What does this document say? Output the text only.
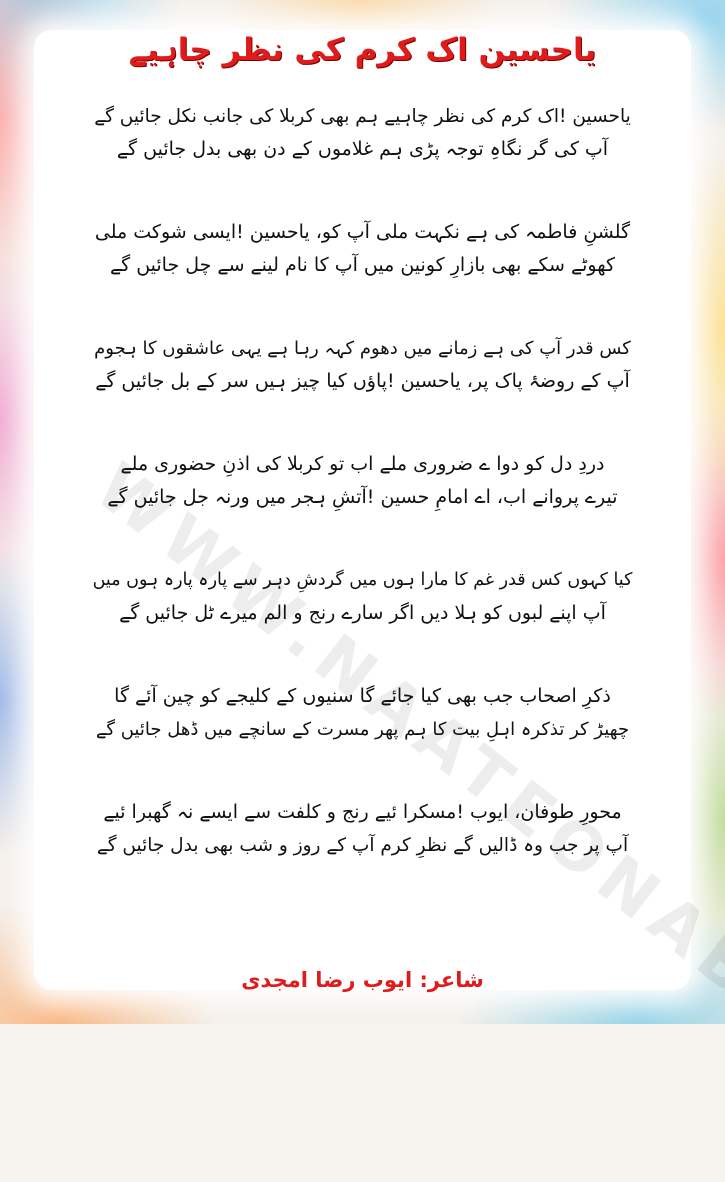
یاحسین اک کرم کی نظر چاہیے
یاحسین !اک کرم کی نظر چاہیے ہم بھی کربلا کی جانب نکل جائیں گے
آپ کی گر نگاہِ توجہ پڑی ہم غلاموں کے دن بھی بدل جائیں گے
گلشنِ فاطمہ کی ہے نکہت ملی آپ کو، یاحسین !ایسی شوکت ملی
کھوٹے سکے بھی بازارِ کونین میں آپ کا نام لینے سے چل جائیں گے
کس قدر آپ کی ہے زمانے میں دھوم کہہ رہا ہے یہی عاشقوں کا ہجوم
آپ کے روضۂ پاک پر، یاحسین !پاؤں کیا چیز ہیں سر کے بل جائیں گے
دردِ دل کو دوا ے ضروری ملے اب تو کربلا کی اذنِ حضوری ملے
تیرے پروانے اب، اے امامِ حسین !آتشِ ہجر میں ورنہ جل جائیں گے
کیا کہوں کس قدر غم کا مارا ہوں میں گردشِ دہر سے پارہ پارہ ہوں میں
آپ اپنے لبوں کو ہلا دیں اگر سارے رنج و الم میرے ٹل جائیں گے
ذکرِ اصحاب جب بھی کیا جائے گا سنیوں کے کلیجے کو چین آئے گا
چھیڑ کر تذکرہ اہلِ بیت کا ہم پھر مسرت کے سانچے میں ڈھل جائیں گے
محورِ طوفان، ایوب !مسکرا ئیے رنج و کلفت سے ایسے نہ گھبرا ئیے
آپ پر جب وہ ڈالیں گے نظرِ کرم آپ کے روز و شب بھی بدل جائیں گے
شاعر: ایوب رضا امجدی
